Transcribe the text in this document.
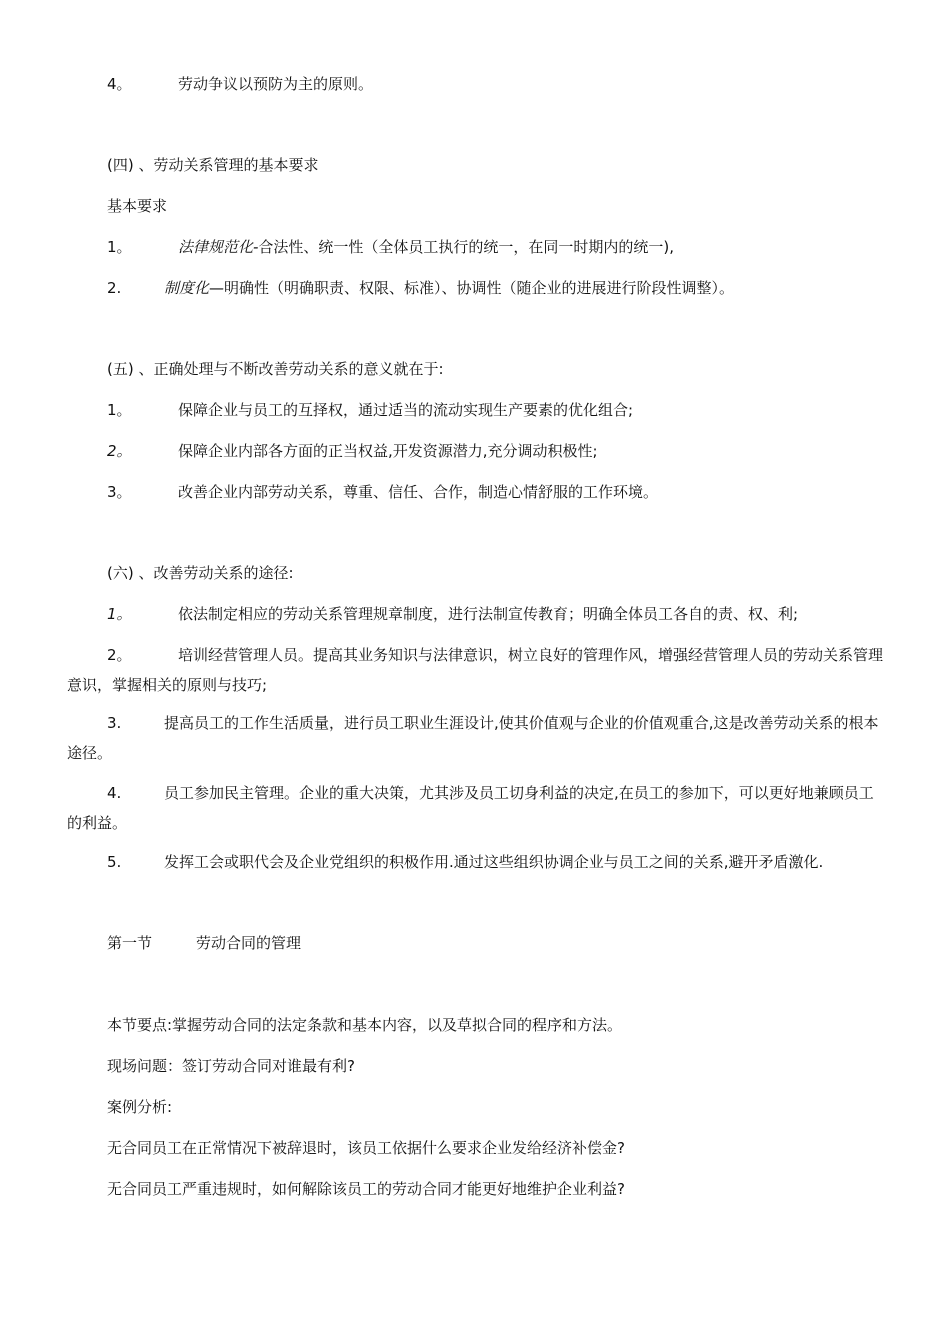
4。	劳动争议以预防为主的原则。
(四) 、劳动关系管理的基本要求
基本要求
1。	法律规范化-合法性、统一性（全体员工执行的统一，在同一时期内的统一),
2.	制度化—明确性（明确职责、权限、标准）、协调性（随企业的进展进行阶段性调整）。
(五) 、正确处理与不断改善劳动关系的意义就在于:
1。	保障企业与员工的互择权，通过适当的流动实现生产要素的优化组合;
2。	保障企业内部各方面的正当权益,开发资源潜力,充分调动积极性;
3。	改善企业内部劳动关系，尊重、信任、合作，制造心情舒服的工作环境。
(六) 、改善劳动关系的途径:
1。	依法制定相应的劳动关系管理规章制度，进行法制宣传教育；明确全体员工各自的责、权、利;
2。	培训经营管理人员。提高其业务知识与法律意识，树立良好的管理作风，增强经营管理人员的劳动关系管理意识，掌握相关的原则与技巧;
3.	提高员工的工作生活质量，进行员工职业生涯设计,使其价值观与企业的价值观重合,这是改善劳动关系的根本途径。
4.	员工参加民主管理。企业的重大决策，尤其涉及员工切身利益的决定,在员工的参加下，可以更好地兼顾员工的利益。
5.	发挥工会或职代会及企业党组织的积极作用.通过这些组织协调企业与员工之间的关系,避开矛盾激化.
第一节	劳动合同的管理
本节要点:掌握劳动合同的法定条款和基本内容，以及草拟合同的程序和方法。
现场问题：签订劳动合同对谁最有利?
案例分析:
无合同员工在正常情况下被辞退时，该员工依据什么要求企业发给经济补偿金?
无合同员工严重违规时，如何解除该员工的劳动合同才能更好地维护企业利益?
